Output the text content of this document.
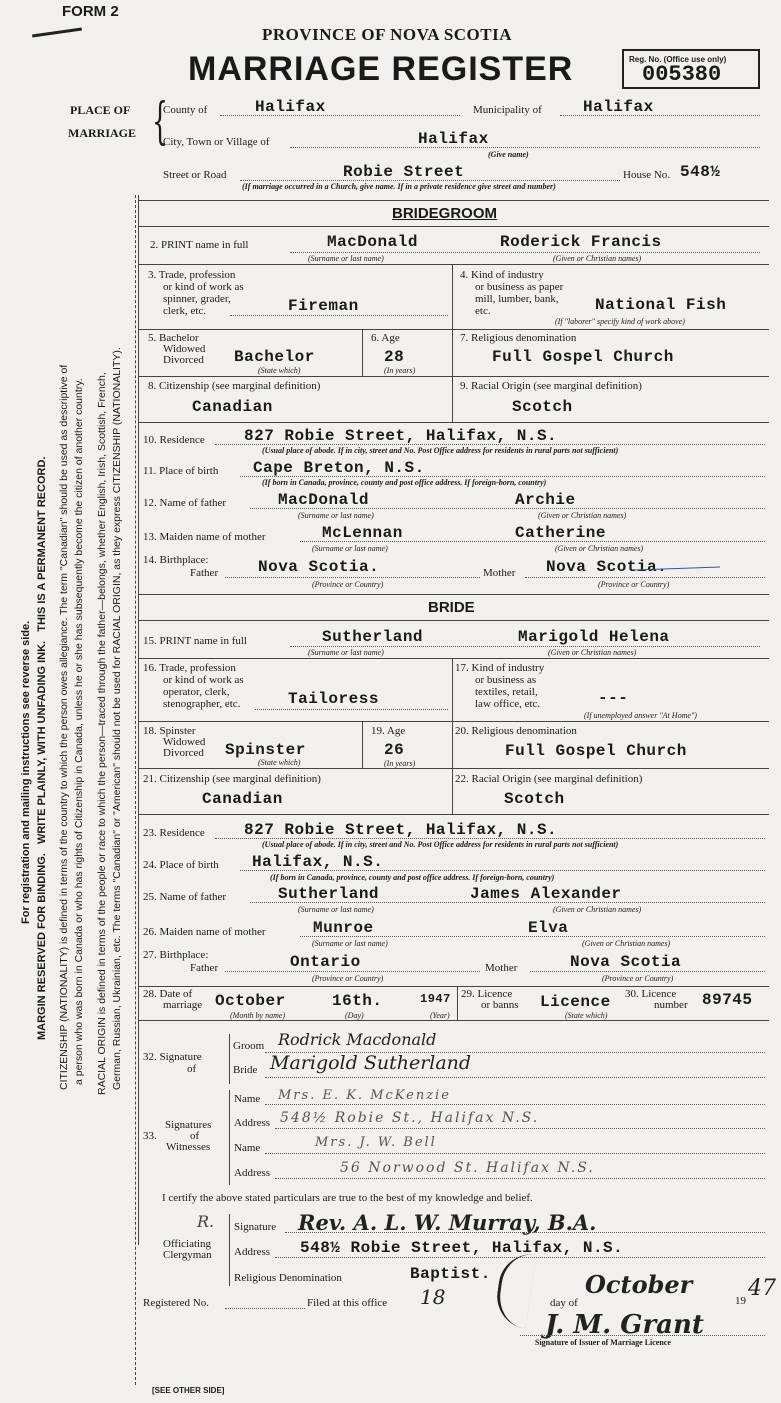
FORM 2
PROVINCE OF NOVA SCOTIA
MARRIAGE REGISTER	Reg. No. (Office use only)
005380
PLACE OF
MARRIAGE {
County of	Halifax	Municipality of	Halifax
City, Town or Village of	Halifax
(Give name)
Street or Road	Robie Street	House No. 548½
(If marriage occurred in a Church, give name. If in a private residence give street and number)
BRIDEGROOM
2. PRINT name in full	MacDonald	Roderick Francis
(Surname or last name)	(Given or Christian names)
3. Trade, profession
or kind of work as
spinner, grader,
clerk, etc.	Fireman
4. Kind of industry
or business as paper
mill, lumber, bank,
etc.	National Fish
(If "laborer" specify kind of work above)
5. Bachelor
Widowed
Divorced Bachelor
(State which)
6. Age
28
(In years)
7. Religious denomination
Full Gospel Church
8. Citizenship (see marginal definition)
Canadian
9. Racial Origin (see marginal definition)
Scotch
10. Residence 827 Robie Street, Halifax, N.S.
(Usual place of abode. If in city, street and No. Post Office address for residents in rural parts not sufficient)
11. Place of birth Cape Breton, N.S.
(If born in Canada, province, county and post office address. If foreign-born, country)
12. Name of father	MacDonald	Archie
(Surname or last name)	(Given or Christian names)
13. Maiden name of mother	McLennan	Catherine
(Surname or last name)	(Given or Christian names)
14. Birthplace:
Father Nova Scotia.
(Province or Country)
Mother Nova Scotia.
(Province or Country)
BRIDE
15. PRINT name in full	Sutherland	Marigold Helena
(Surname or last name)	(Given or Christian names)
16. Trade, profession
or kind of work as
operator, clerk,
stenographer, etc.	Tailoress
17. Kind of industry
or business as
textiles, retail,
law office, etc.	---
(If unemployed answer "At Home")
18. Spinster
Widowed
Divorced Spinster
(State which)
19. Age
26
(In years)
20. Religious denomination
Full Gospel Church
21. Citizenship (see marginal definition)
Canadian
22. Racial Origin (see marginal definition)
Scotch
23. Residence 827 Robie Street, Halifax, N.S.
(Usual place of abode. If in city, street and No. Post Office address for residents in rural parts not sufficient)
24. Place of birth Halifax, N.S.
(If born in Canada, province, county and post office address. If foreign-born, country)
25. Name of father	Sutherland	James Alexander
(Surname or last name)	(Given or Christian names)
26. Maiden name of mother	Munroe	Elva
(Surname or last name)	(Given or Christian names)
27. Birthplace:
Father	Ontario
(Province or Country)
Mother	Nova Scotia
(Province or Country)
28. Date of
marriage October	16th.	1947
(Month by name)	(Day)	(Year)
29. Licence
or banns Licence
(State which)
30. Licence
number 89745
32. Signature
of
Groom Rodrick Macdonald
Bride Marigold Sutherland
33.
Signatures
of
Witnesses
Name Mrs. E. K. McKenzie
Address 548½ Robie St., Halifax N.S.
Name	Mrs. J. W. Bell
Address	56 Norwood St. Halifax N.S.
I certify the above stated particulars are true to the best of my knowledge and belief.
R.
Officiating
Clergyman
Signature Rev. A. L. W. Murray, B.A.
Address 548½ Robie Street, Halifax, N.S.
Religious Denomination	Baptist.
Registered No.	Filed at this office 18	day of
October
19 47
J. M. Grant
Signature of Issuer of Marriage Licence
[SEE OTHER SIDE]
For registration and mailing instructions see reverse side.
MARGIN RESERVED FOR BINDING.   WRITE PLAINLY, WITH UNFADING INK.   THIS IS A PERMANENT RECORD. CITIZENSHIP (NATIONALITY) is defined in terms of the country to which the person owes allegiance. The term "Canadian" should be used as descriptive of a person who was born in Canada or who has rights of Citizenship in Canada, unless he or she has subsequently become the citizen of another country. RACIAL ORIGIN is defined in terms of the people or race to which the person—traced through the father—belongs, whether English, Irish, Scottish, French, German, Russian, Ukrainian, etc. The terms "Canadian" or "American" should not be used for RACIAL ORIGIN, as they express CITIZENSHIP (NATIONALITY).
